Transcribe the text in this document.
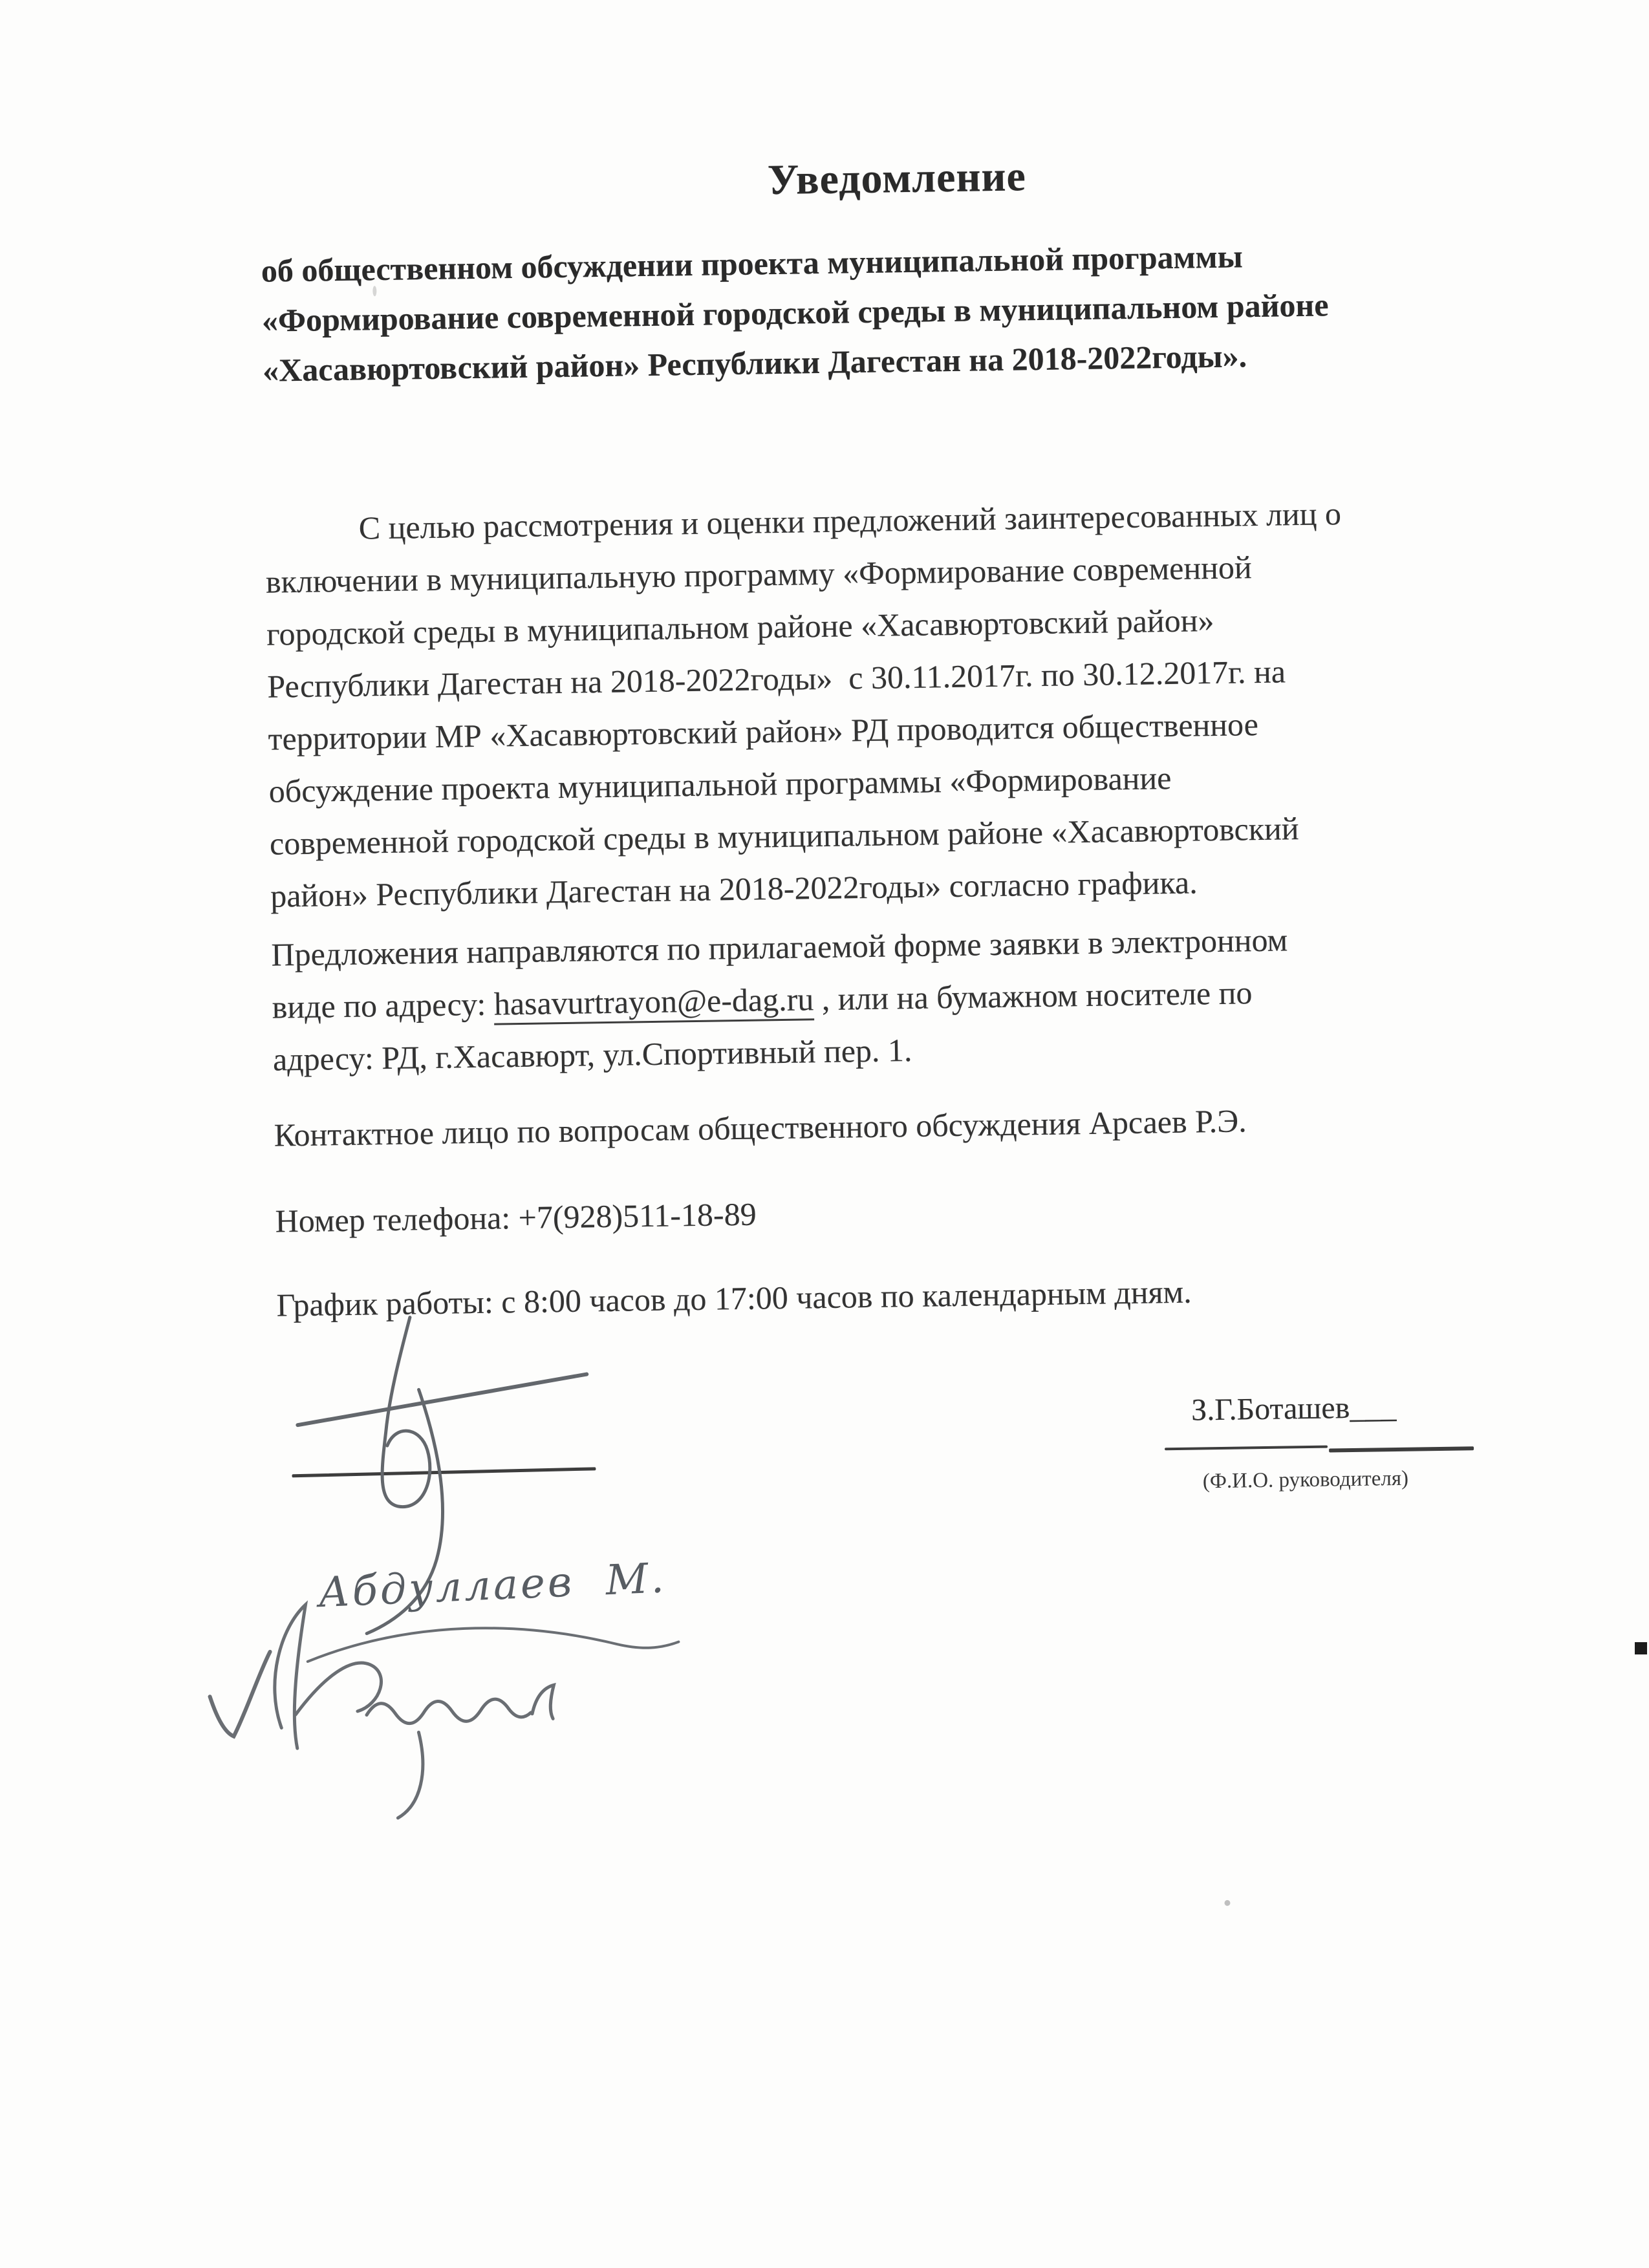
Уведомление
об общественном обсуждении проекта муниципальной программы
«Формирование современной городской среды в муниципальном районе
«Хасавюртовский район» Республики Дагестан на 2018-2022годы».
С целью рассмотрения и оценки предложений заинтересованных лиц о
включении в муниципальную программу «Формирование современной
городской среды в муниципальном районе «Хасавюртовский район»
Республики Дагестан на 2018-2022годы»  с 30.11.2017г. по 30.12.2017г. на
территории МР «Хасавюртовский район» РД проводится общественное
обсуждение проекта муниципальной программы «Формирование
современной городской среды в муниципальном районе «Хасавюртовский
район» Республики Дагестан на 2018-2022годы» согласно графика.
Предложения направляются по прилагаемой форме заявки в электронном
виде по адресу: hasavurtrayon@e-dag.ru , или на бумажном носителе по
адресу: РД, г.Хасавюрт, ул.Спортивный пер. 1.
Контактное лицо по вопросам общественного обсуждения Арсаев Р.Э.
Номер телефона: +7(928)511-18-89
График работы: с 8:00 часов до 17:00 часов по календарным дням.
З.Г.Боташев___
(Ф.И.О. руководителя)
Абдуллаев  М.
